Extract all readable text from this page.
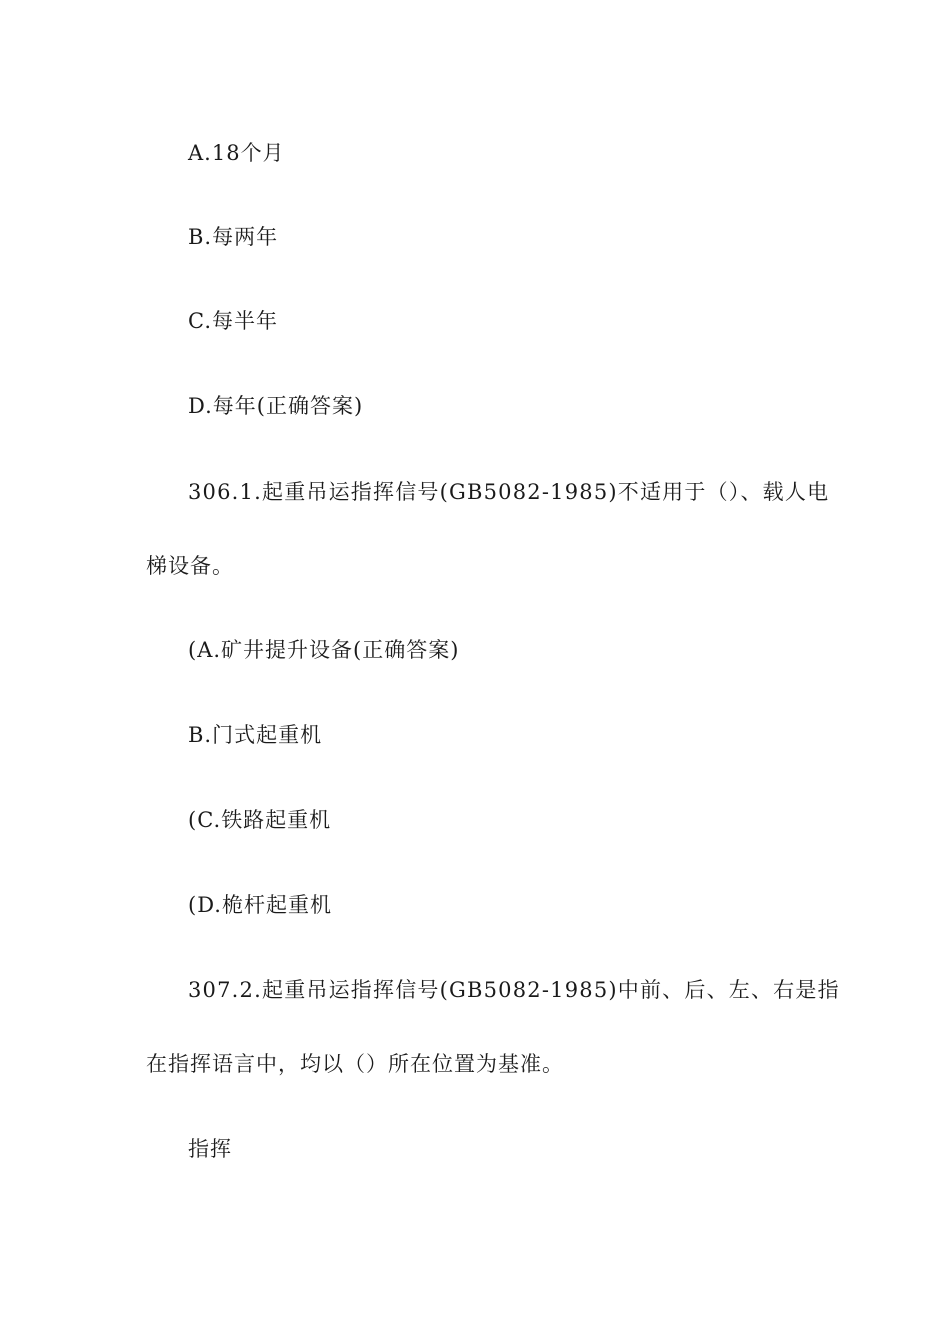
A.18个月
B.每两年
C.每半年
D.每年(正确答案)
306.1.起重吊运指挥信号(GB5082-1985)不适用于（）、载人电
梯设备。
(A.矿井提升设备(正确答案)
B.门式起重机
(C.铁路起重机
(D.桅杆起重机
307.2.起重吊运指挥信号(GB5082-1985)中前、后、左、右是指
在指挥语言中，均以（）所在位置为基准。
指挥
